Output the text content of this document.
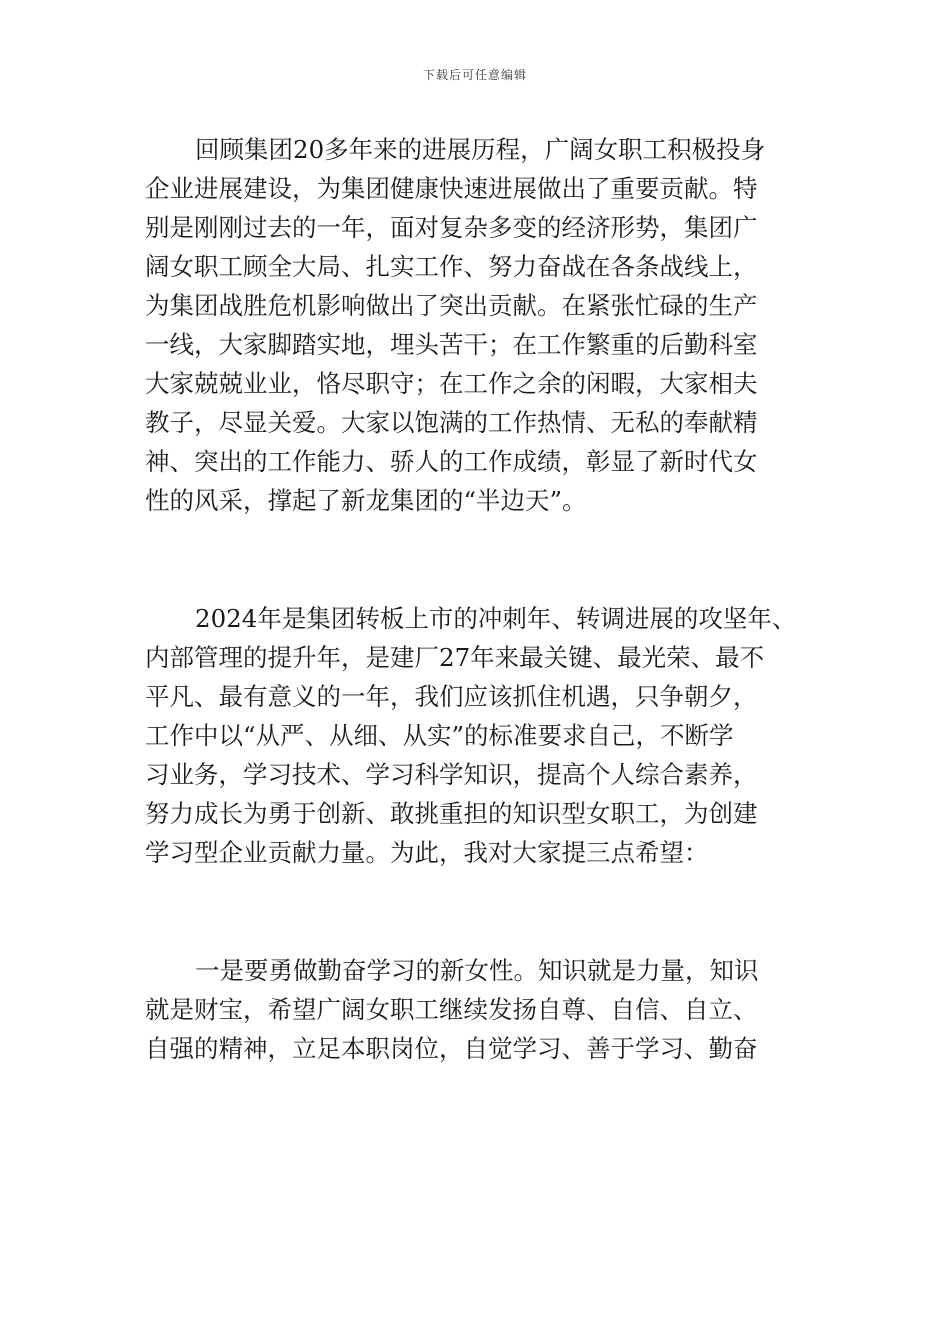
下载后可任意编辑
回顾集团20多年来的进展历程，广阔女职工积极投身
企业进展建设，为集团健康快速进展做出了重要贡献。特
别是刚刚过去的一年，面对复杂多变的经济形势，集团广
阔女职工顾全大局、扎实工作、努力奋战在各条战线上，
为集团战胜危机影响做出了突出贡献。在紧张忙碌的生产
一线，大家脚踏实地，埋头苦干；在工作繁重的后勤科室
大家兢兢业业，恪尽职守；在工作之余的闲暇，大家相夫
教子，尽显关爱。大家以饱满的工作热情、无私的奉献精
神、突出的工作能力、骄人的工作成绩，彰显了新时代女
性的风采，撑起了新龙集团的“半边天”。
2024年是集团转板上市的冲刺年、转调进展的攻坚年、
内部管理的提升年，是建厂27年来最关键、最光荣、最不
平凡、最有意义的一年，我们应该抓住机遇，只争朝夕，
工作中以“从严、从细、从实”的标准要求自己，不断学
习业务，学习技术、学习科学知识，提高个人综合素养，
努力成长为勇于创新、敢挑重担的知识型女职工，为创建
学习型企业贡献力量。为此，我对大家提三点希望：
一是要勇做勤奋学习的新女性。知识就是力量，知识
就是财宝，希望广阔女职工继续发扬自尊、自信、自立、
自强的精神，立足本职岗位，自觉学习、善于学习、勤奋
